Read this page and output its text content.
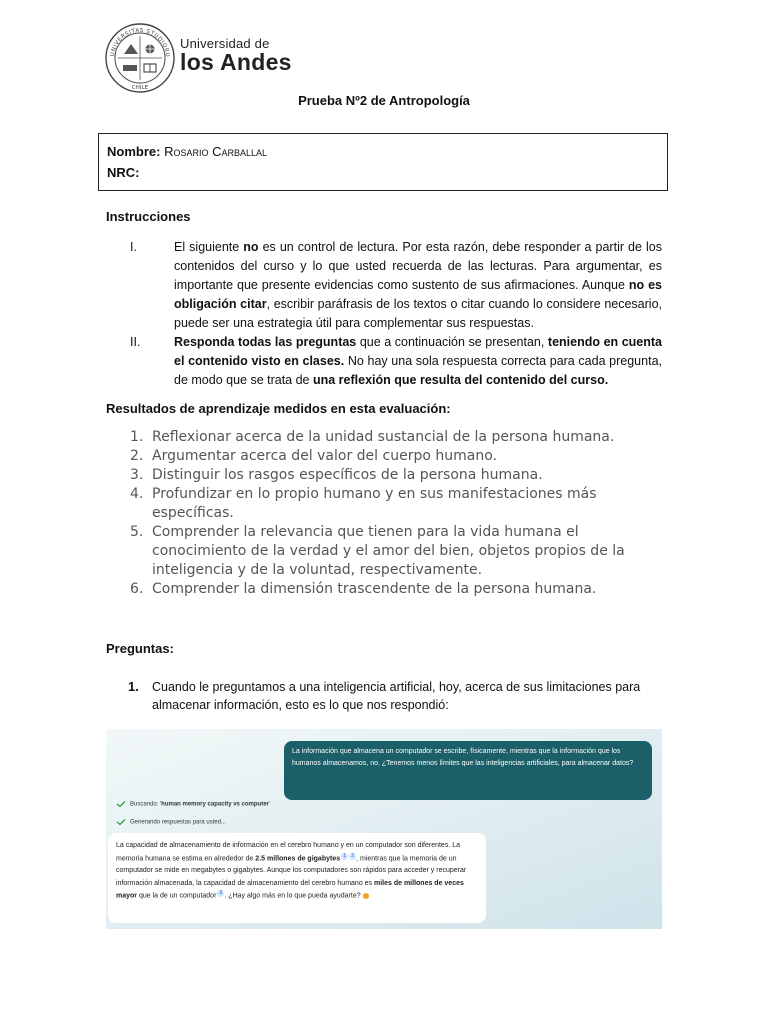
UNIVERSITAS STUDIORU
CHILE
Universidad de
los Andes
Prueba Nº2 de Antropología
Nombre: Rosario Carballal
NRC:
Instrucciones
I.	El siguiente no es un control de lectura. Por esta razón, debe responder a partir de los contenidos del curso y lo que usted recuerda de las lecturas. Para argumentar, es importante que presente evidencias como sustento de sus afirmaciones. Aunque no es obligación citar, escribir paráfrasis de los textos o citar cuando lo considere necesario, puede ser una estrategia útil para complementar sus respuestas.
II.	Responda todas las preguntas que a continuación se presentan, teniendo en cuenta el contenido visto en clases. No hay una sola respuesta correcta para cada pregunta, de modo que se trata de una reflexión que resulta del contenido del curso.
Resultados de aprendizaje medidos en esta evaluación:
1. Reflexionar acerca de la unidad sustancial de la persona humana.
2. Argumentar acerca del valor del cuerpo humano.
3. Distinguir los rasgos específicos de la persona humana.
4. Profundizar en lo propio humano y en sus manifestaciones más específicas.
5. Comprender la relevancia que tienen para la vida humana el conocimiento de la verdad y el amor del bien, objetos propios de la inteligencia y de la voluntad, respectivamente.
6. Comprender la dimensión trascendente de la persona humana.
Preguntas:
1. Cuando le preguntamos a una inteligencia artificial, hoy, acerca de sus limitaciones para almacenar información, esto es lo que nos respondió:
La información que almacena un computador se escribe, físicamente, mientras que la información que los humanos almacenamos, no. ¿Tenemos menos límites que las inteligencias artificiales, para almacenar datos?
Buscando: 'human memory capacity vs computer'
Generando respuestas para usted...
La capacidad de almacenamiento de información en el cerebro humano y en un computador son diferentes. La memoria humana se estima en alrededor de 2.5 millones de gigabytes 1 2 , mientras que la memoria de un computador se mide en megabytes o gigabytes. Aunque los computadores son rápidos para acceder y recuperar información almacenada, la capacidad de almacenamiento del cerebro humano es miles de millones de veces mayor que la de un computador 3 . ¿Hay algo más en lo que pueda ayudarte?
